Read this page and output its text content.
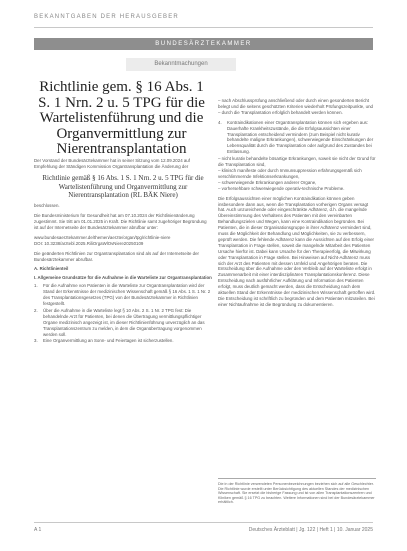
BEKANNTGABEN DER HERAUSGEBER
BUNDESÄRZTEKAMMER
Bekanntmachungen
Richtlinie gem. § 16 Abs. 1 S. 1 Nrn. 2 u. 5 TPG für die Wartelistenführung und die Organvermittlung zur Nierentransplantation

Der Vorstand der Bundesärztekammer hat in seiner Sitzung vom 12.09.2024 auf Empfehlung der Ständigen Kommission Organtransplantation die Änderung der

Richtlinie gemäß § 16 Abs. 1 S. 1 Nrn. 2 u. 5 TPG für die Wartelistenführung und Organvermittlung zur Nierentransplantation (RL BÄK Niere)

beschlossen.

Die Bundesministerium für Gesundheit hat am 07.10.2024 der Richtlinienänderung zugestimmt. Sie tritt am 01.01.2025 in Kraft. Die Richtlinie samt zugehöriger Begründung ist auf der Internetseite der Bundesärztekammer abrufbar unter:

www.bundesaerztekammer.de/themen/aerzte/organ/tpg/richtlinie-niere

DOI: 10.3238/arztebl.2025.RiliOrgaWlOvNiere20250109

Die geänderten Richtlinien zur Organtransplantation sind als auf der Internetseite der Bundesärztekammer abrufbar.

A. Richtlinienteil
I. Allgemeine Grundsätze für die Aufnahme in die Warteliste zur Organtransplantation
1.	Für die Aufnahme von Patienten in die Warteliste zur Organtransplantation wird der Stand der Erkenntnisse der medizinischen Wissenschaft gemäß § 16 Abs. 1 S. 1 Nr. 2 des Transplantationsgesetzes (TPG) von der Bundesärztekammer in Richtlinien festgestellt.
2.	Über die Aufnahme in die Warteliste legt § 10 Abs. 2 S. 1 Nr. 2 TPG fest: Die behandelnde Arzt für Patienten, bei denen die Übertragung vermittlungspflichtiger Organe medizinisch angezeigt ist, im dieser Richtlinienführung unverzüglich an das Transplantationszentrum zu melden, in dem die Organübertragung vorgenommen werden soll.
3.	Eine Organvermittlung an Sonn- und Feiertagen ist sicherzustellen.

– nach Abschlussprüfung anschließend oder durch einen gesonderten Bericht belegt und die seitens geschützten Kriterien wiederholt Prüfungszeitpunkte, und

– durch die Transplantation erfolglich behandelt werden können.

4.	Kontraindikationen einer Organtransplantation können sich ergeben aus: Dauerhafte Krankheitszustände, die die Erfolgsaussichten einer Transplantation entscheidend vermindern (zum Beispiel nicht kurativ behandelte maligne Erkrankungen), schwerwiegende Einschränkungen der Lebensqualität durch die Transplantation oder aufgrund des Zustandes bei Entlassung.

– nicht kurativ behandelte bösartige Erkrankungen, soweit sie nicht der Grund für die Transplantation sind,

– klinisch manifeste oder durch Immunsuppression erfahrungsgemäß sich verschlimmernde Infektionserkrankungen,

– schwerwiegende Erkrankungen anderer Organe,

– vorhersehbare schwerwiegende operativ-technische Probleme.

Die Erfolgsaussichten einer möglichen Kontraindikation können geben insbesondere dann aus, wenn die Transplantation vorherigen Organs versagt hat. Auch unzureichende oder eingeschränkte Adhärenz, d.h. die mangelnde Übereinstimmung des Verhaltens des Patienten mit den vereinbarten Behandlungszielen und Wegen, kann eine Kontraindikation begründen. Bei Patienten, die in dieser Organisationsgruppe in ihrer Adhärenz vermindert sind, muss die Möglichkeit der Behandlung und Möglichkeiten, sie zu verbessern, geprüft werden. Die fehlende Adhärenz kann die Aussichten auf den Erfolg einer Transplantation in Frage stellen, soweit die mangelnde Mitarbeit des Patienten Ursache hierfür ist. Dabei kann Ursache für den Therapieerfolg, die Mitwirkung oder Transplantation in Frage stellen. Bei Hinweisen auf Nicht-Adhärenz muss sich der Arzt des Patienten mit dessen Umfeld und Angehörigen beraten. Die Entscheidung über die Aufnahme oder den Verbleib auf der Warteliste erfolgt in Zusammenarbeit mit einer interdisziplinären Transplantationskonferenz. Diese Entscheidung nach ausführlicher Aufklärung und Information des Patienten erfolgt, muss deutlich gemacht werden, dass die Entscheidung nach dem aktuellen Stand der Erkenntnisse der medizinischen Wissenschaft getroffen wird. Die Entscheidung ist schriftlich zu begründen und dem Patienten mitzuteilen. Bei einer Nichtaufnahme ist die Begründung zu dokumentieren.

Die in der Richtlinie verwendeten Personenbezeichnungen beziehen sich auf alle Geschlechter. Die Richtlinie wurde erstellt unter Berücksichtigung des aktuellen Standes der medizinischen Wissenschaft. Sie ersetzt die bisherige Fassung und ist von allen Transplantationszentren und Kliniken gemäß § 16 TPG zu beachten. Weitere Informationen sind bei der Bundesärztekammer erhältlich.
A 1	Deutsches Ärzteblatt | Jg. 122 | Heft 1 | 10. Januar 2025
